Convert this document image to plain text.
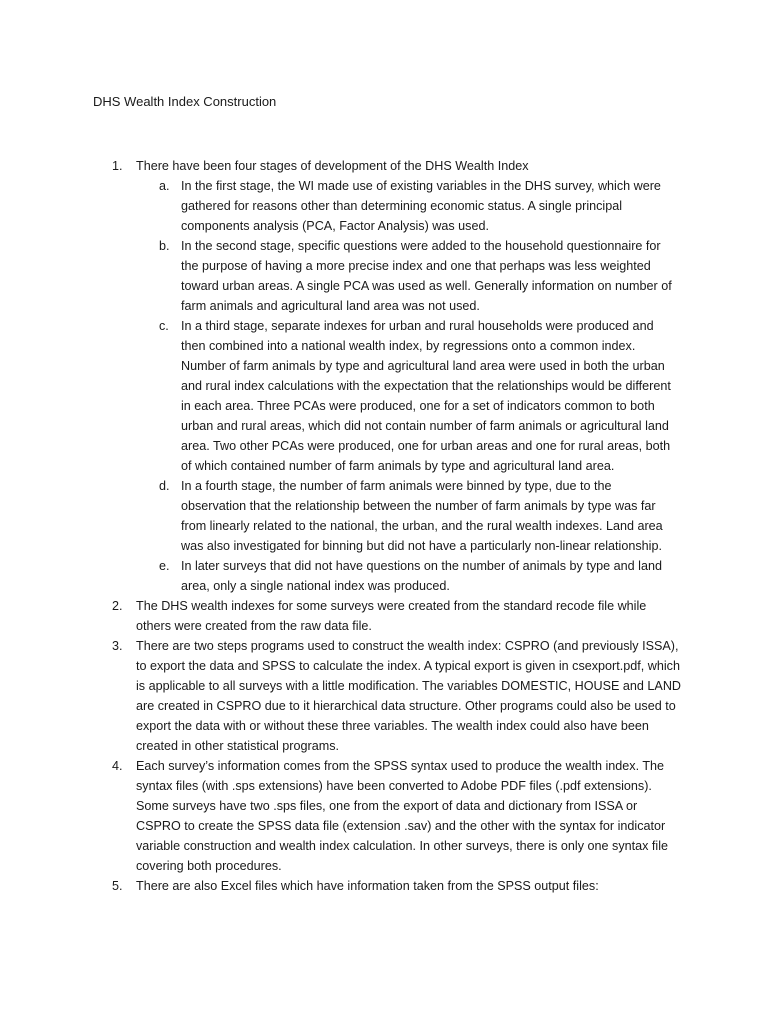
DHS Wealth Index Construction
1. There have been four stages of development of the DHS Wealth Index
a. In the first stage, the WI made use of existing variables in the DHS survey, which were gathered for reasons other than determining economic status. A single principal components analysis (PCA, Factor Analysis) was used.
b. In the second stage, specific questions were added to the household questionnaire for the purpose of having a more precise index and one that perhaps was less weighted toward urban areas. A single PCA was used as well. Generally information on number of farm animals and agricultural land area was not used.
c. In a third stage, separate indexes for urban and rural households were produced and then combined into a national wealth index, by regressions onto a common index. Number of farm animals by type and agricultural land area were used in both the urban and rural index calculations with the expectation that the relationships would be different in each area. Three PCAs were produced, one for a set of indicators common to both urban and rural areas, which did not contain number of farm animals or agricultural land area. Two other PCAs were produced, one for urban areas and one for rural areas, both of which contained number of farm animals by type and agricultural land area.
d. In a fourth stage, the number of farm animals were binned by type, due to the observation that the relationship between the number of farm animals by type was far from linearly related to the national, the urban, and the rural wealth indexes. Land area was also investigated for binning but did not have a particularly non-linear relationship.
e. In later surveys that did not have questions on the number of animals by type and land area, only a single national index was produced.
2. The DHS wealth indexes for some surveys were created from the standard recode file while others were created from the raw data file.
3. There are two steps programs used to construct the wealth index: CSPRO (and previously ISSA), to export the data and SPSS to calculate the index. A typical export is given in csexport.pdf, which is applicable to all surveys with a little modification. The variables DOMESTIC, HOUSE and LAND are created in CSPRO due to it hierarchical data structure. Other programs could also be used to export the data with or without these three variables. The wealth index could also have been created in other statistical programs.
4. Each survey’s information comes from the SPSS syntax used to produce the wealth index. The syntax files (with .sps extensions) have been converted to Adobe PDF files (.pdf extensions). Some surveys have two .sps files, one from the export of data and dictionary from ISSA or CSPRO to create the SPSS data file (extension .sav) and the other with the syntax for indicator variable construction and wealth index calculation. In other surveys, there is only one syntax file covering both procedures.
5. There are also Excel files which have information taken from the SPSS output files:
